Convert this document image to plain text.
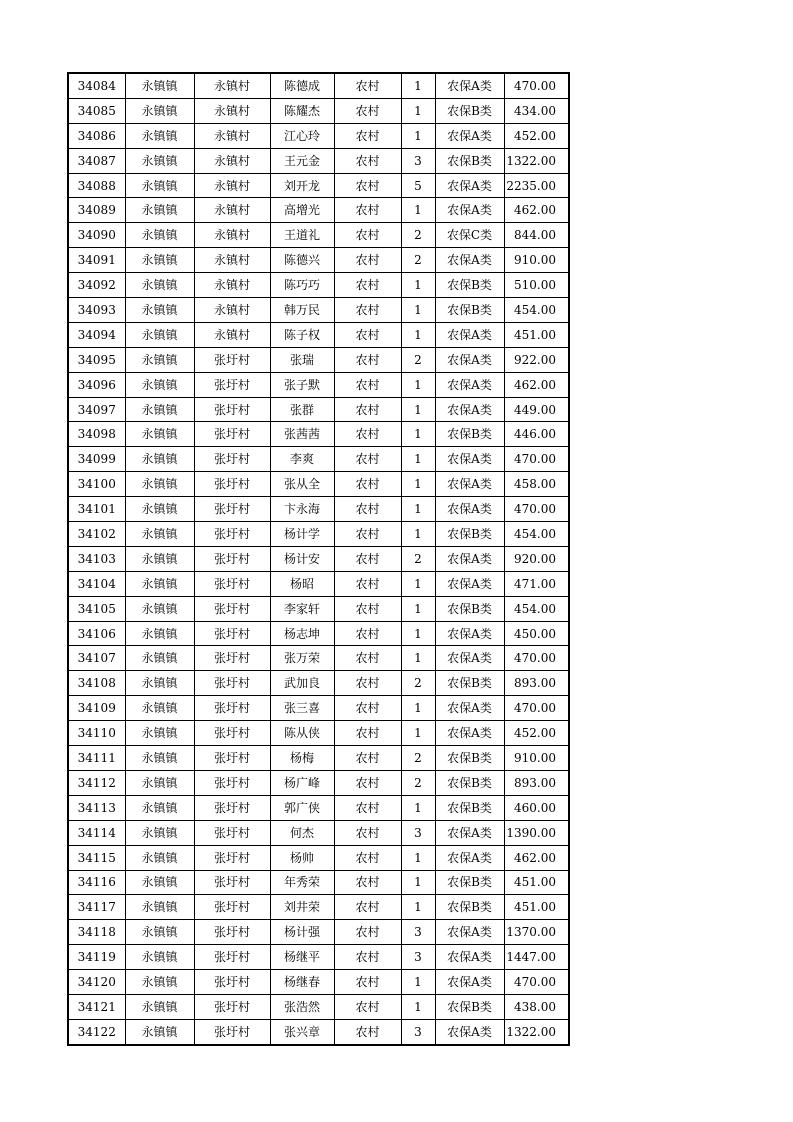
34084	永镇镇	永镇村	陈德成	农村	1	农保A类	470.00
34085	永镇镇	永镇村	陈耀杰	农村	1	农保B类	434.00
34086	永镇镇	永镇村	江心玲	农村	1	农保A类	452.00
34087	永镇镇	永镇村	王元金	农村	3	农保B类	1322.00
34088	永镇镇	永镇村	刘开龙	农村	5	农保A类	2235.00
34089	永镇镇	永镇村	高增光	农村	1	农保A类	462.00
34090	永镇镇	永镇村	王道礼	农村	2	农保C类	844.00
34091	永镇镇	永镇村	陈德兴	农村	2	农保A类	910.00
34092	永镇镇	永镇村	陈巧巧	农村	1	农保B类	510.00
34093	永镇镇	永镇村	韩万民	农村	1	农保B类	454.00
34094	永镇镇	永镇村	陈子权	农村	1	农保A类	451.00
34095	永镇镇	张圩村	张瑞	农村	2	农保A类	922.00
34096	永镇镇	张圩村	张子默	农村	1	农保A类	462.00
34097	永镇镇	张圩村	张群	农村	1	农保A类	449.00
34098	永镇镇	张圩村	张茜茜	农村	1	农保B类	446.00
34099	永镇镇	张圩村	李爽	农村	1	农保A类	470.00
34100	永镇镇	张圩村	张从全	农村	1	农保A类	458.00
34101	永镇镇	张圩村	卞永海	农村	1	农保A类	470.00
34102	永镇镇	张圩村	杨计学	农村	1	农保B类	454.00
34103	永镇镇	张圩村	杨计安	农村	2	农保A类	920.00
34104	永镇镇	张圩村	杨昭	农村	1	农保A类	471.00
34105	永镇镇	张圩村	李家轩	农村	1	农保B类	454.00
34106	永镇镇	张圩村	杨志坤	农村	1	农保A类	450.00
34107	永镇镇	张圩村	张万荣	农村	1	农保A类	470.00
34108	永镇镇	张圩村	武加良	农村	2	农保B类	893.00
34109	永镇镇	张圩村	张三喜	农村	1	农保A类	470.00
34110	永镇镇	张圩村	陈从侠	农村	1	农保A类	452.00
34111	永镇镇	张圩村	杨梅	农村	2	农保B类	910.00
34112	永镇镇	张圩村	杨广峰	农村	2	农保B类	893.00
34113	永镇镇	张圩村	郭广侠	农村	1	农保B类	460.00
34114	永镇镇	张圩村	何杰	农村	3	农保A类	1390.00
34115	永镇镇	张圩村	杨帅	农村	1	农保A类	462.00
34116	永镇镇	张圩村	年秀荣	农村	1	农保B类	451.00
34117	永镇镇	张圩村	刘井荣	农村	1	农保B类	451.00
34118	永镇镇	张圩村	杨计强	农村	3	农保A类	1370.00
34119	永镇镇	张圩村	杨继平	农村	3	农保A类	1447.00
34120	永镇镇	张圩村	杨继春	农村	1	农保A类	470.00
34121	永镇镇	张圩村	张浩然	农村	1	农保B类	438.00
34122	永镇镇	张圩村	张兴章	农村	3	农保A类	1322.00
